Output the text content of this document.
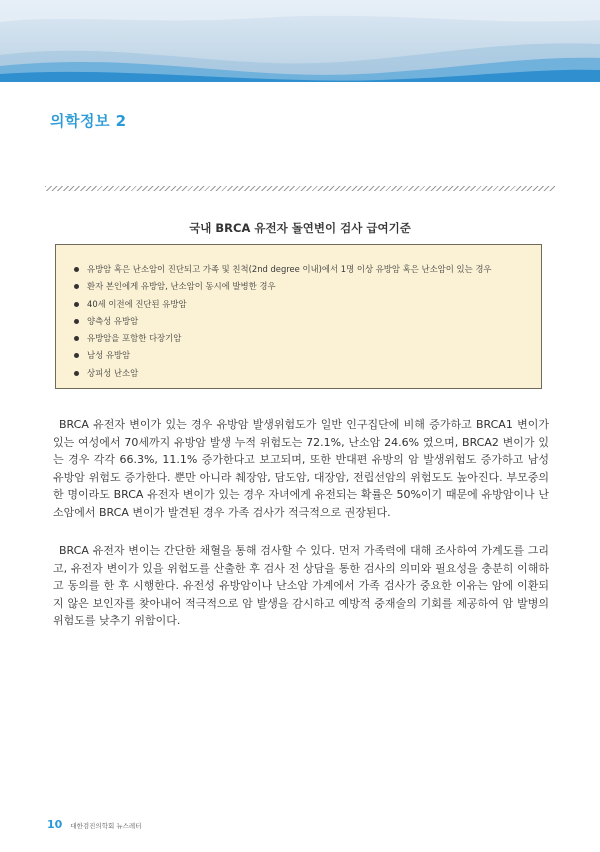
의학정보 2
국내 BRCA 유전자 돌연변이 검사 급여기준
유방암 혹은 난소암이 진단되고 가족 및 친척(2nd degree 이내)에서 1명 이상 유방암 혹은 난소암이 있는 경우
환자 본인에게 유방암, 난소암이 동시에 발병한 경우
40세 이전에 진단된 유방암
양측성 유방암
유방암을 포함한 다장기암
남성 유방암
상피성 난소암

BRCA 유전자 변이가 있는 경우 유방암 발생위험도가 일반 인구집단에 비해 증가하고 BRCA1 변이가 있는 여성에서 70세까지 유방암 발생 누적 위험도는 72.1%, 난소암 24.6% 였으며, BRCA2 변이가 있는 경우 각각 66.3%, 11.1% 증가한다고 보고되며, 또한 반대편 유방의 암 발생위험도 증가하고 남성 유방암 위험도 증가한다. 뿐만 아니라 췌장암, 담도암, 대장암, 전립선암의 위험도도 높아진다. 부모중의 한 명이라도 BRCA 유전자 변이가 있는 경우 자녀에게 유전되는 확률은 50%이기 때문에 유방암이나 난소암에서 BRCA 변이가 발견된 경우 가족 검사가 적극적으로 권장된다.

BRCA 유전자 변이는 간단한 채혈을 통해 검사할 수 있다. 먼저 가족력에 대해 조사하여 가계도를 그리고, 유전자 변이가 있을 위험도를 산출한 후 검사 전 상담을 통한 검사의 의미와 필요성을 충분히 이해하고 동의를 한 후 시행한다. 유전성 유방암이나 난소암 가계에서 가족 검사가 중요한 이유는 암에 이환되지 않은 보인자를 찾아내어 적극적으로 암 발생을 감시하고 예방적 중재술의 기회를 제공하여 암 발병의 위험도를 낮추기 위함이다.

10 대한검진의학회 뉴스레터
